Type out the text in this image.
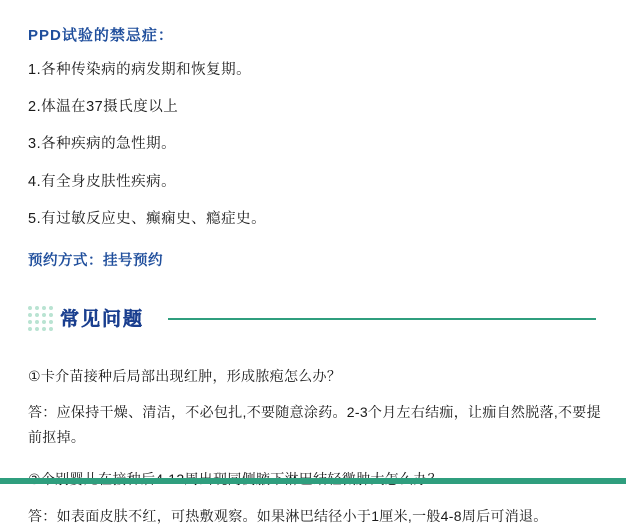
PPD试验的禁忌症：

1.各种传染病的病发期和恢复期。

2.体温在37摄氏度以上

3.各种疾病的急性期。

4.有全身皮肤性疾病。

5.有过敏反应史、癫痫史、瘾症史。

预约方式：挂号预约

常见问题

①卡介苗接种后局部出现红肿，形成脓疱怎么办？

答：应保持干燥、清洁，不必包扎,不要随意涂药。2-3个月左右结痂，让痂自然脱落,不要提前抠掉。

答：如表面皮肤不红，可热敷观察。如果淋巴结径小于1厘米,一般4-8周后可消退。
